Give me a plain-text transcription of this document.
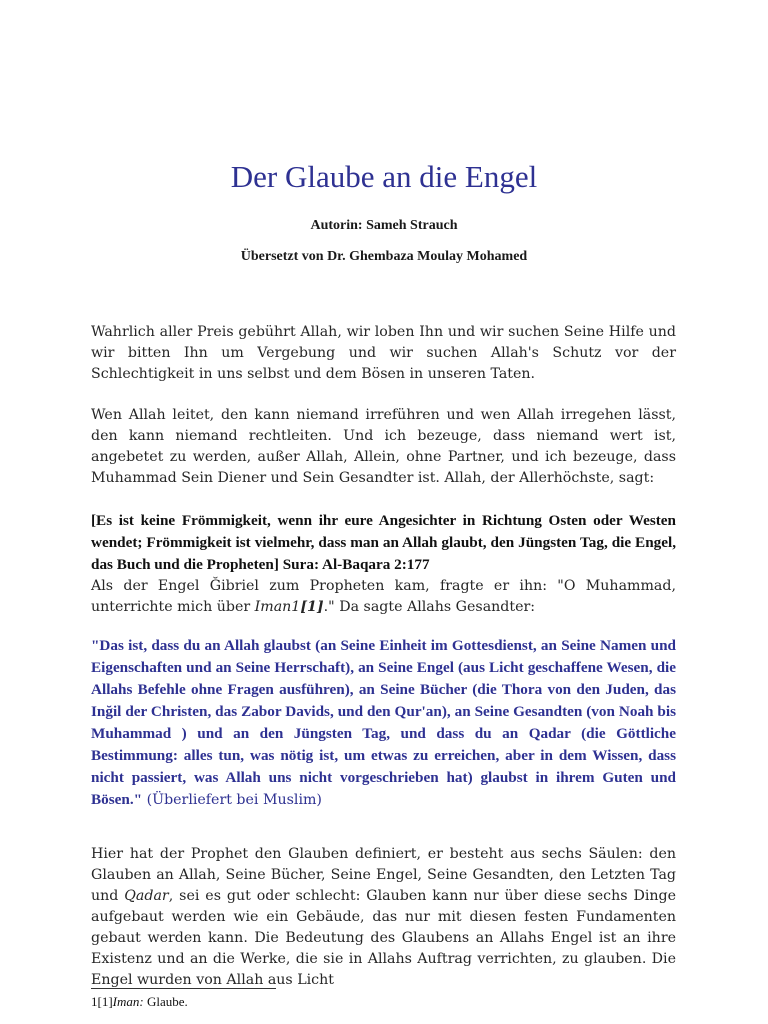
Der Glaube an die Engel
Autorin: Sameh Strauch
Übersetzt von Dr. Ghembaza Moulay Mohamed

Wahrlich aller Preis gebührt Allah, wir loben Ihn und wir suchen Seine Hilfe und wir bitten Ihn um Vergebung und wir suchen Allah's Schutz vor der Schlechtigkeit in uns selbst und dem Bösen in unseren Taten.

Wen Allah leitet, den kann niemand irreführen und wen Allah irregehen lässt, den kann niemand rechtleiten. Und ich bezeuge, dass niemand wert ist, angebetet zu werden, außer Allah, Allein, ohne Partner, und ich bezeuge, dass Muhammad Sein Diener und Sein Gesandter ist. Allah, der Allerhöchste, sagt:

[Es ist keine Frömmigkeit, wenn ihr eure Angesichter in Richtung Osten oder Westen wendet; Frömmigkeit ist vielmehr, dass man an Allah glaubt, den Jüngsten Tag, die Engel, das Buch und die Propheten] Sura: Al-Baqara 2:177
Als der Engel Ğibriel zum Propheten kam, fragte er ihn: "O Muhammad, unterrichte mich über Iman1[1]." Da sagte Allahs Gesandter:

"Das ist, dass du an Allah glaubst (an Seine Einheit im Gottesdienst, an Seine Namen und Eigenschaften und an Seine Herrschaft), an Seine Engel (aus Licht geschaffene Wesen, die Allahs Befehle ohne Fragen ausführen), an Seine Bücher (die Thora von den Juden, das Inğil der Christen, das Zabor Davids, und den Qur'an), an Seine Gesandten (von Noah bis Muhammad ) und an den Jüngsten Tag, und dass du an Qadar (die Göttliche Bestimmung: alles tun, was nötig ist, um etwas zu erreichen, aber in dem Wissen, dass nicht passiert, was Allah uns nicht vorgeschrieben hat) glaubst in ihrem Guten und Bösen." (Überliefert bei Muslim)

Hier hat der Prophet den Glauben definiert, er besteht aus sechs Säulen: den Glauben an Allah, Seine Bücher, Seine Engel, Seine Gesandten, den Letzten Tag und Qadar, sei es gut oder schlecht: Glauben kann nur über diese sechs Dinge aufgebaut werden wie ein Gebäude, das nur mit diesen festen Fundamenten gebaut werden kann. Die Bedeutung des Glaubens an Allahs Engel ist an ihre Existenz und an die Werke, die sie in Allahs Auftrag verrichten, zu glauben. Die Engel wurden von Allah aus Licht

1[1]Iman: Glaube.
